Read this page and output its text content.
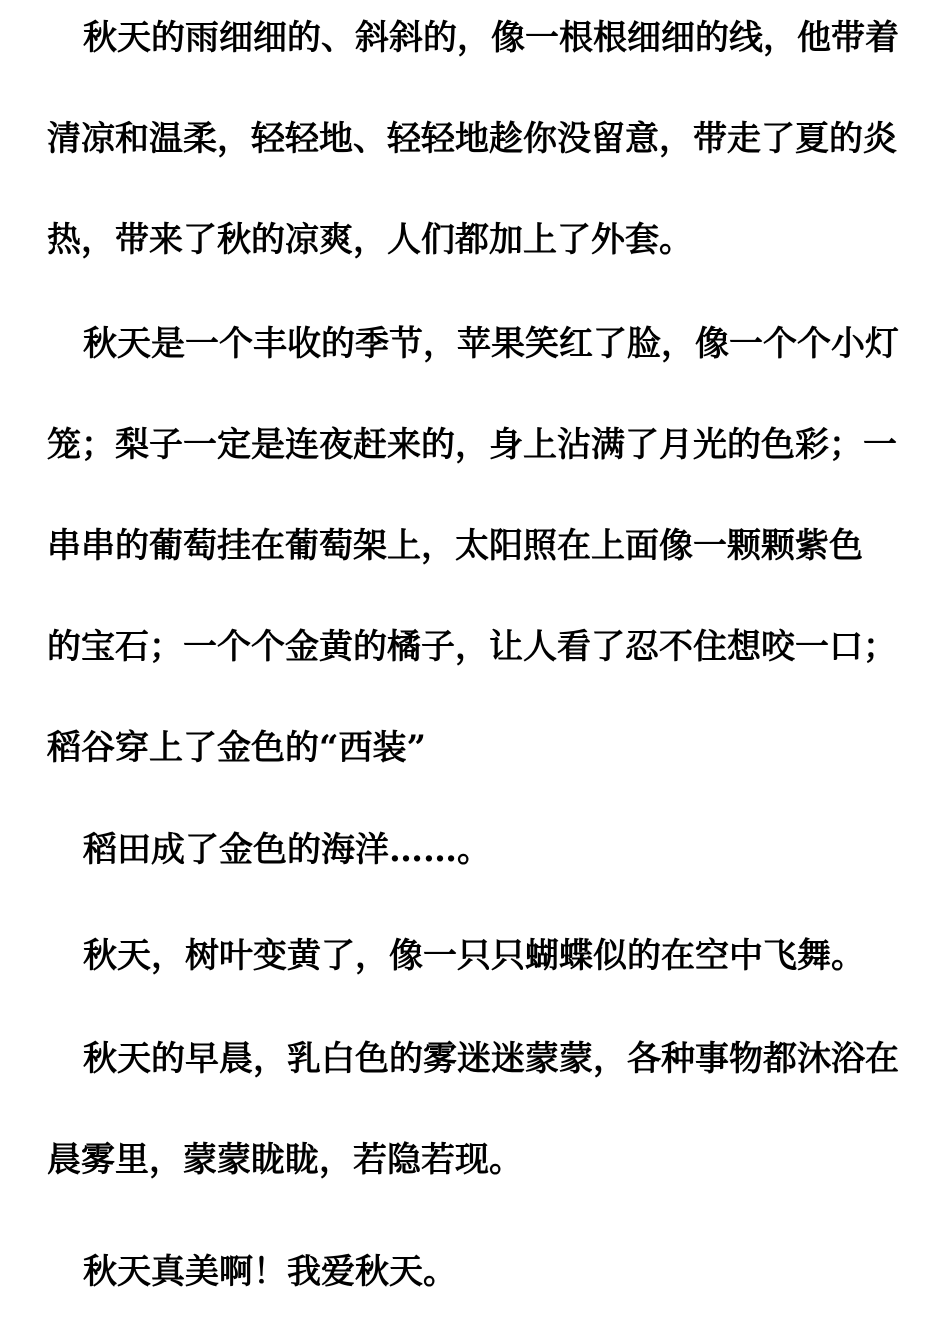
秋天的雨细细的、斜斜的，像一根根细细的线，他带着
清凉和温柔，轻轻地、轻轻地趁你没留意，带走了夏的炎
热，带来了秋的凉爽，人们都加上了外套。
秋天是一个丰收的季节，苹果笑红了脸，像一个个小灯
笼；梨子一定是连夜赶来的，身上沾满了月光的色彩；一
串串的葡萄挂在葡萄架上，太阳照在上面像一颗颗紫色
的宝石；一个个金黄的橘子，让人看了忍不住想咬一口；
稻谷穿上了金色的“西装”
稻田成了金色的海洋……。
秋天，树叶变黄了，像一只只蝴蝶似的在空中飞舞。
秋天的早晨，乳白色的雾迷迷蒙蒙，各种事物都沐浴在
晨雾里，蒙蒙眬眬，若隐若现。
秋天真美啊！我爱秋天。
